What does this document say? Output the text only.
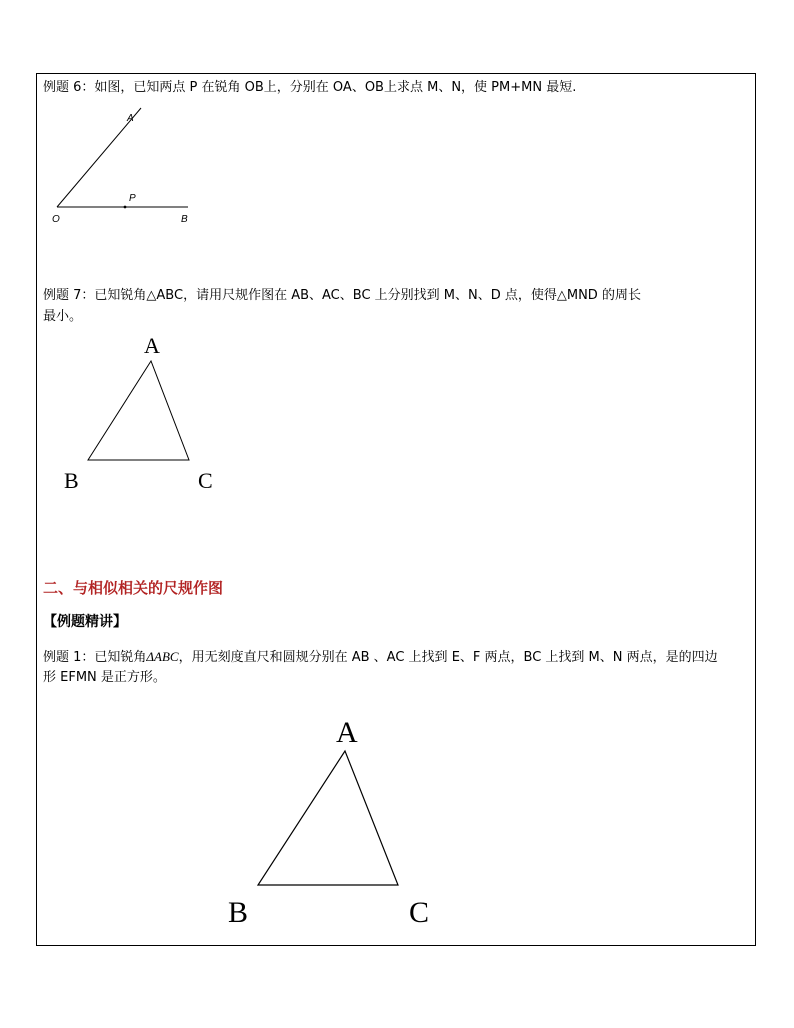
例题 6：如图，已知两点 P 在锐角 OB上，分别在 OA、OB上求点 M、N，使 PM+MN 最短.
A
P
O	B
例题 7：已知锐角△ABC，请用尺规作图在 AB、AC、BC 上分别找到 M、N、D 点，使得△MND 的周长
最小。
A
B	C
二、与相似相关的尺规作图
【例题精讲】
例题 1：已知锐角ΔABC，用无刻度直尺和圆规分别在 AB 、AC 上找到 E、F 两点，BC 上找到 M、N 两点，是的四边
形 EFMN 是正方形。
A
B	C
